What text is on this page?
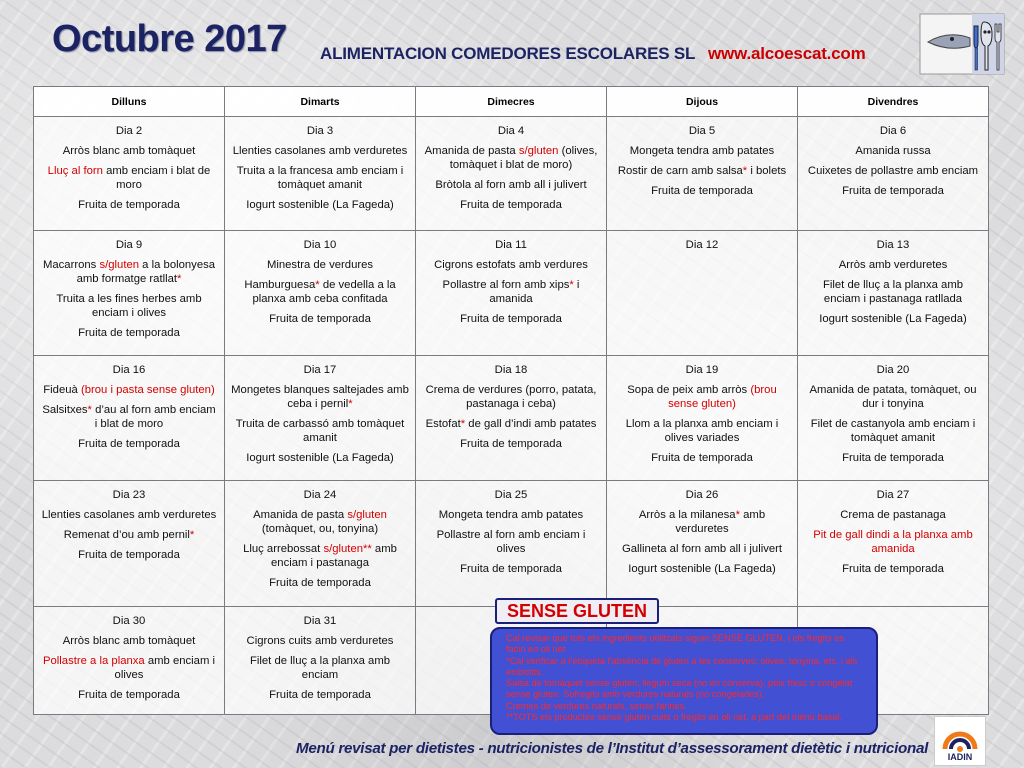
Octubre 2017 ALIMENTACION COMEDORES ESCOLARES SL www.alcoescat.com
Dilluns	Dimarts	Dimecres	Dijous	Divendres

Dia 2
Arròs blanc amb tomàquet
Lluç al forn amb enciam i blat de moro
Fruita de temporada	Dia 3
Llenties casolanes amb verduretes
Truita a la francesa amb enciam i tomàquet amanit
Iogurt sostenible (La Fageda)	Dia 4
Amanida de pasta s/gluten (olives, tomàquet i blat de moro)
Bròtola al forn amb all i julivert
Fruita de temporada	Dia 5
Mongeta tendra amb patates
Rostir de carn amb salsa* i bolets
Fruita de temporada	Dia 6
Amanida russa
Cuixetes de pollastre amb enciam
Fruita de temporada

Dia 9
Macarrons s/gluten a la bolonyesa amb formatge ratllat*
Truita a les fines herbes amb enciam i olives
Fruita de temporada	Dia 10
Minestra de verdures
Hamburguesa* de vedella a la planxa amb ceba confitada
Fruita de temporada	Dia 11
Cigrons estofats amb verdures
Pollastre al forn amb xips* i amanida
Fruita de temporada	Dia 12	Dia 13
Arròs amb verduretes
Filet de lluç a la planxa amb enciam i pastanaga ratllada
Iogurt sostenible (La Fageda)

Dia 16
Fideuà (brou i pasta sense gluten)
Salsitxes* d’au al forn amb enciam i blat de moro
Fruita de temporada	Dia 17
Mongetes blanques saltejades amb ceba i pernil*
Truita de carbassó amb tomàquet amanit
Iogurt sostenible (La Fageda)	Dia 18
Crema de verdures (porro, patata, pastanaga i ceba)
Estofat* de gall d’indi amb patates
Fruita de temporada	Dia 19
Sopa de peix amb arròs (brou sense gluten)
Llom a la planxa amb enciam i olives variades
Fruita de temporada	Dia 20
Amanida de patata, tomàquet, ou dur i tonyina
Filet de castanyola amb enciam i tomàquet amanit
Fruita de temporada

Dia 23
Llenties casolanes amb verduretes
Remenat d’ou amb pernil*
Fruita de temporada	Dia 24
Amanida de pasta s/gluten (tomàquet, ou, tonyina)
Lluç arrebossat s/gluten** amb enciam i pastanaga
Fruita de temporada	Dia 25
Mongeta tendra amb patates
Pollastre al forn amb enciam i olives
Fruita de temporada	Dia 26
Arròs a la milanesa* amb verduretes
Gallineta al forn amb all i julivert
Iogurt sostenible (La Fageda)	Dia 27
Crema de pastanaga
Pit de gall dindi a la planxa amb amanida
Fruita de temporada

Dia 30
Arròs blanc amb tomàquet
Pollastre a la planxa amb enciam i olives
Fruita de temporada	Dia 31
Cigrons cuits amb verduretes
Filet de lluç a la planxa amb enciam
Fruita de temporada			

SENSE GLUTEN
Cal revisar que tots els ingredients utilitzats siguin SENSE GLUTEN, i els fregits es facin en oli net
*Cal verificar a l’etiqueta l’absència de gluten a les conserves: olives, tonyina, etc. i als embotits.
Salsa de tomàquet sense gluten, llegum seca (no en conserva), peix fresc o congelat sense gluten. Sofregits amb verdures naturals (no congelades).
Cremes de verdures naturals, sense farines.
**TOTS els productes sense gluten cuits o fregits en oli net, a part del menú basal.
Menú revisat per dietistes - nutricionistes de l’Institut d’assessorament dietètic i nutricional	IADIN
